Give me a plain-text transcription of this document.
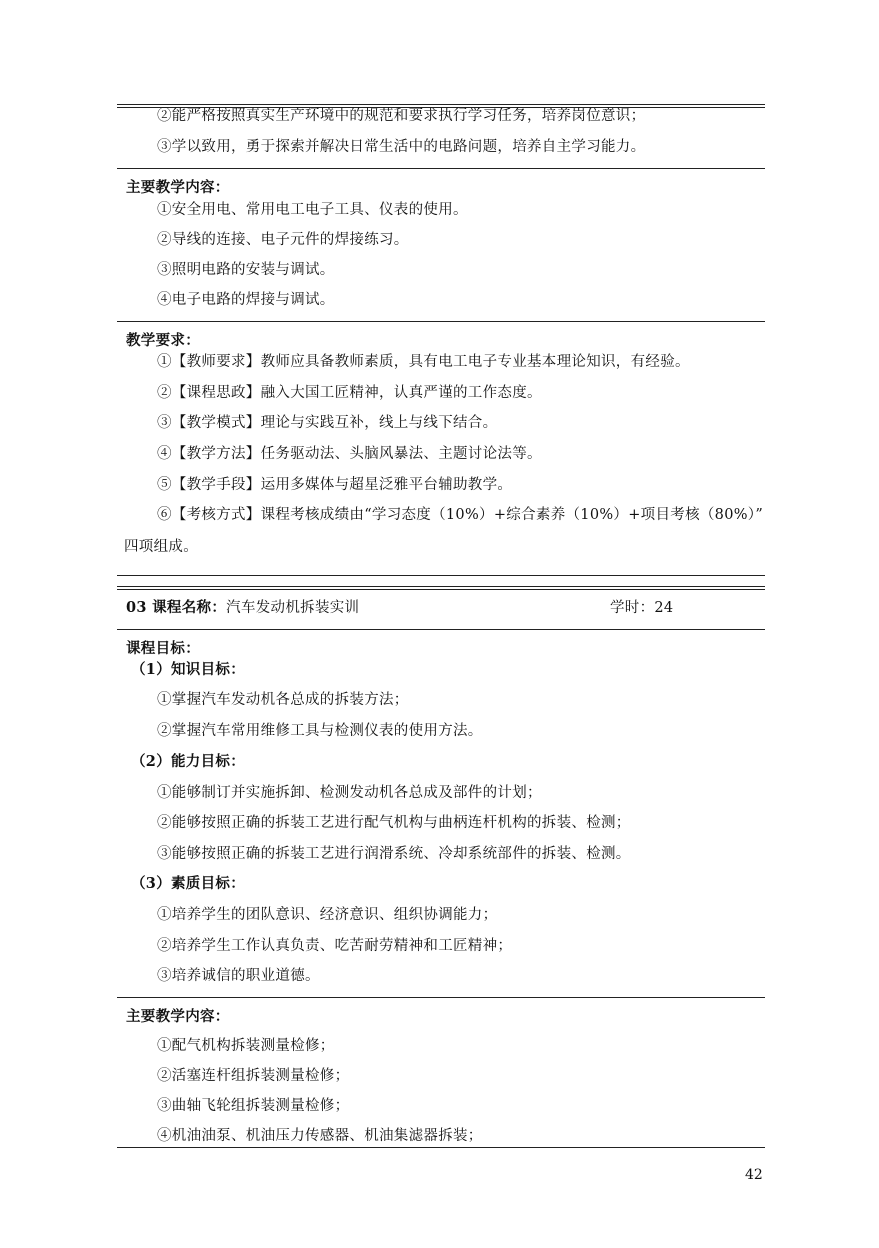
②能严格按照真实生产环境中的规范和要求执行学习任务，培养岗位意识；
③学以致用，勇于探索并解决日常生活中的电路问题，培养自主学习能力。
主要教学内容：
①安全用电、常用电工电子工具、仪表的使用。
②导线的连接、电子元件的焊接练习。
③照明电路的安装与调试。
④电子电路的焊接与调试。
教学要求：
①【教师要求】教师应具备教师素质，具有电工电子专业基本理论知识，有经验。
②【课程思政】融入大国工匠精神，认真严谨的工作态度。
③【教学模式】理论与实践互补，线上与线下结合。
④【教学方法】任务驱动法、头脑风暴法、主题讨论法等。
⑤【教学手段】运用多媒体与超星泛雅平台辅助教学。
⑥【考核方式】课程考核成绩由“学习态度（10%）+综合素养（10%）+项目考核（80%）”
四项组成。
03 课程名称：汽车发动机拆装实训	学时：24
课程目标：
（1）知识目标：
①掌握汽车发动机各总成的拆装方法；
②掌握汽车常用维修工具与检测仪表的使用方法。
（2）能力目标：
①能够制订并实施拆卸、检测发动机各总成及部件的计划；
②能够按照正确的拆装工艺进行配气机构与曲柄连杆机构的拆装、检测；
③能够按照正确的拆装工艺进行润滑系统、冷却系统部件的拆装、检测。
（3）素质目标：
①培养学生的团队意识、经济意识、组织协调能力；
②培养学生工作认真负责、吃苦耐劳精神和工匠精神；
③培养诚信的职业道德。
主要教学内容：
①配气机构拆装测量检修；
②活塞连杆组拆装测量检修；
③曲轴飞轮组拆装测量检修；
④机油油泵、机油压力传感器、机油集滤器拆装；
42
